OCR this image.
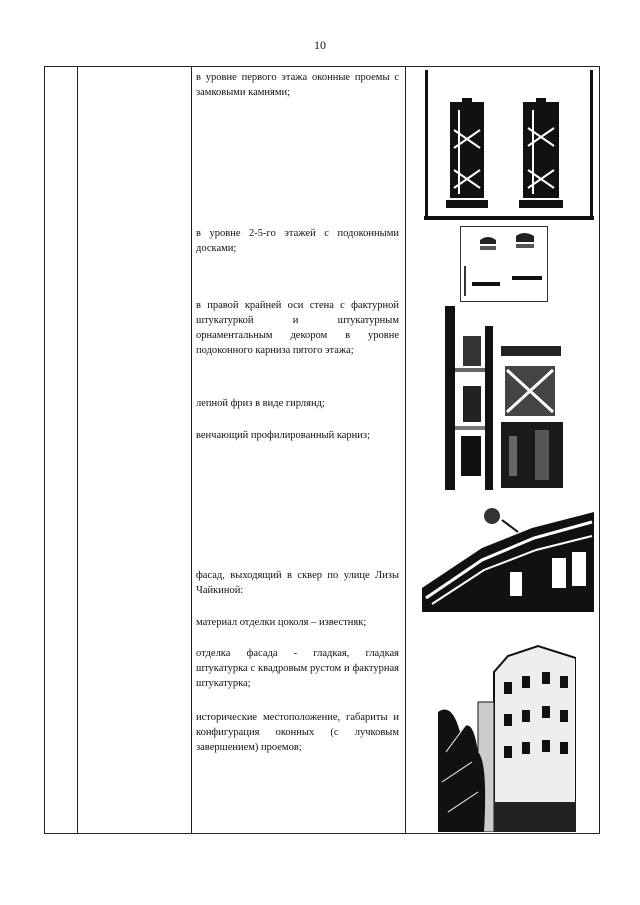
10
в уровне первого этажа оконные проемы с замковыми камнями;
в уровне 2-5-го этажей с подоконными досками;
в правой крайней оси стена с фактурной штукатуркой и штукатурным орнаментальным декором в уровне подоконного карниза пятого этажа;
лепной фриз в виде гирлянд;
венчающий профилированный карниз;
фасад, выходящий в сквер по улице Лизы Чайкиной:
материал отделки цоколя – известняк;
отделка фасада - гладкая, гладкая штукатурка с квадровым рустом и фактурная штукатурка;
исторические местоположение, габариты и конфигурация оконных (с лучковым завершением) проемов;
